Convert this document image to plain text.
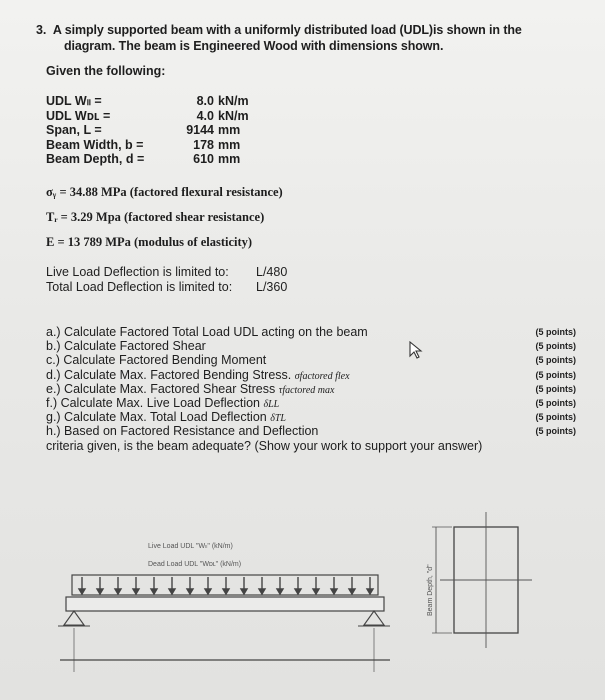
3. A simply supported beam with a uniformly distributed load (UDL)is shown in the
diagram. The beam is Engineered Wood with dimensions shown.
Given the following:
UDL Wₗₗ =	8.0 kN/m
UDL Wᴅʟ =	4.0 kN/m
Span, L =	9144 mm
Beam Width, b =	178 mm
Beam Depth, d =	610 mm
σᵧ = 34.88 MPa (factored flexural resistance)
Tᵣ = 3.29 Mpa (factored shear resistance)
E = 13 789 MPa (modulus of elasticity)
Live Load Deflection is limited to: L/480
Total Load Deflection is limited to: L/360
a.) Calculate Factored Total Load UDL acting on the beam	(5 points)
b.) Calculate Factored Shear	(5 points)
c.) Calculate Factored Bending Moment	(5 points)
d.) Calculate Max. Factored Bending Stress. σfactored flex	(5 points)
e.) Calculate Max. Factored Shear Stress τfactored max	(5 points)
f.) Calculate Max. Live Load Deflection δLL	(5 points)
g.) Calculate Max. Total Load Deflection δTL	(5 points)
h.) Based on Factored Resistance and Deflection	(5 points)
criteria given, is the beam adequate? (Show your work to support your answer)
Live Load UDL "Wₗₗ" (kN/m)
Dead Load UDL "Wᴅʟ" (kN/m)	Beam Depth, "d"
